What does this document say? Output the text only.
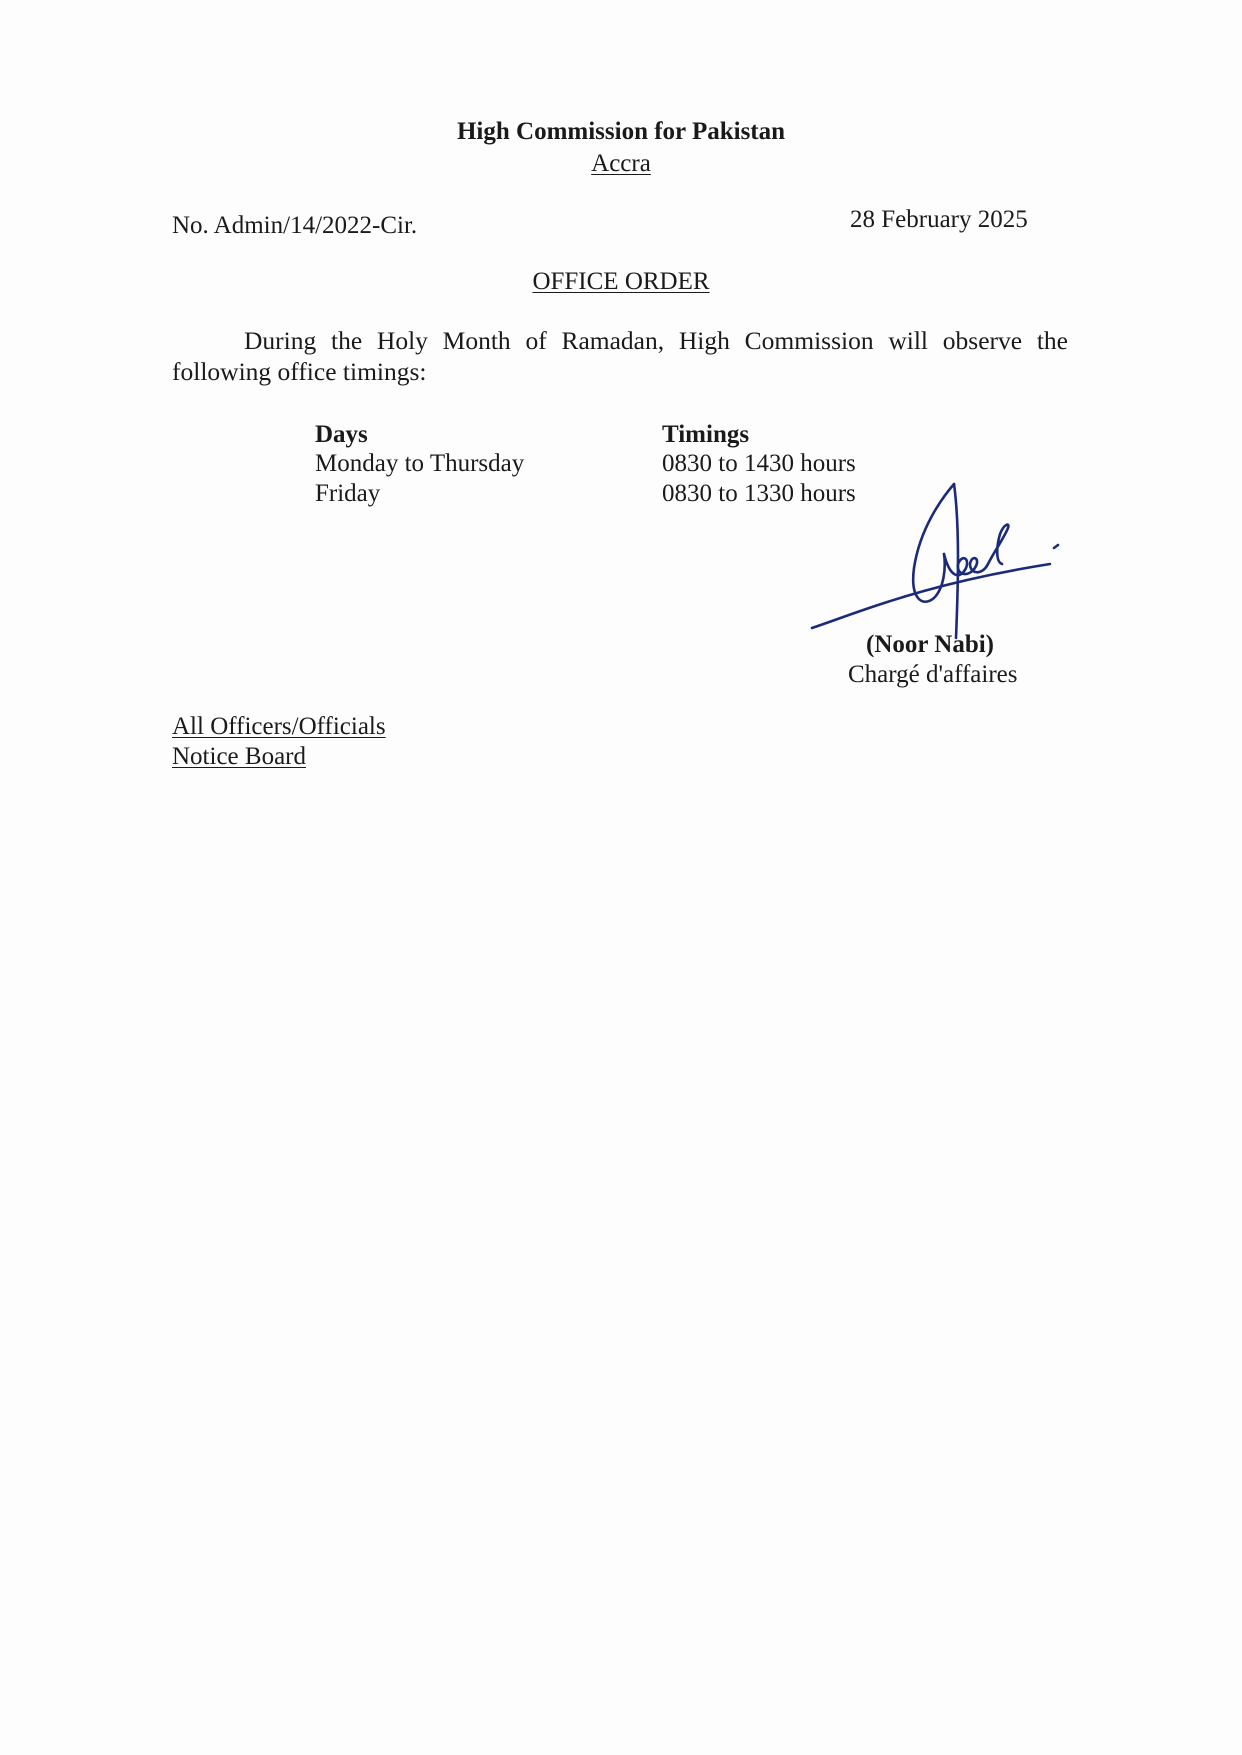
High Commission for Pakistan
Accra
No. Admin/14/2022-Cir.	28 February 2025
OFFICE ORDER
During the Holy Month of Ramadan, High Commission will observe the following office timings:
Days	Timings
Monday to Thursday	0830 to 1430 hours
Friday	0830 to 1330 hours
(Noor Nabi)
Chargé d'affaires
All Officers/Officials
Notice Board
